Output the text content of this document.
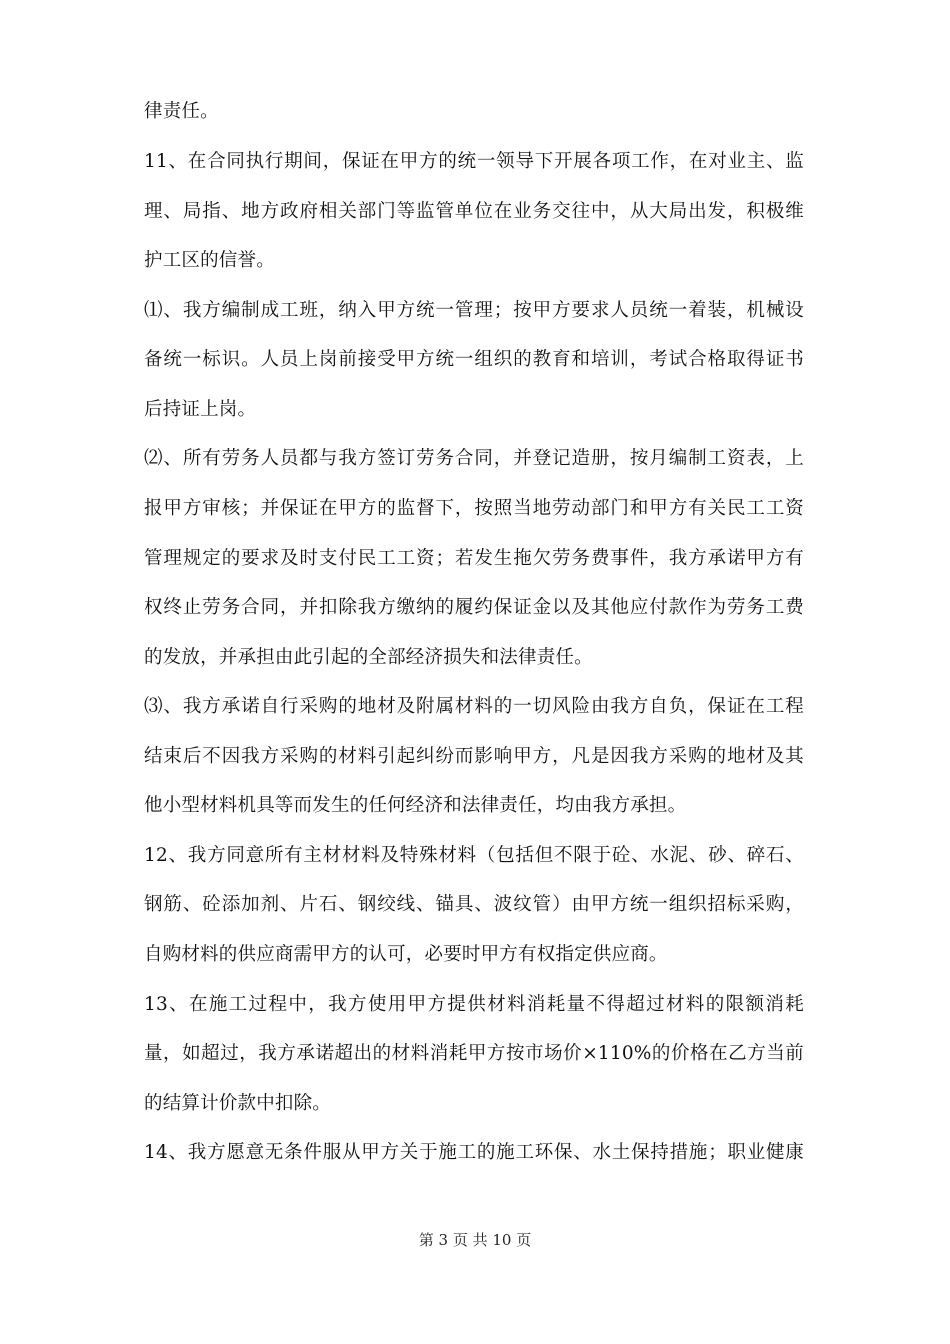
律责任。
11、在合同执行期间，保证在甲方的统一领导下开展各项工作，在对业主、监
理、局指、地方政府相关部门等监管单位在业务交往中，从大局出发，积极维
护工区的信誉。
⑴、我方编制成工班，纳入甲方统一管理；按甲方要求人员统一着装，机械设
备统一标识。人员上岗前接受甲方统一组织的教育和培训，考试合格取得证书
后持证上岗。
⑵、所有劳务人员都与我方签订劳务合同，并登记造册，按月编制工资表，上
报甲方审核；并保证在甲方的监督下，按照当地劳动部门和甲方有关民工工资
管理规定的要求及时支付民工工资；若发生拖欠劳务费事件，我方承诺甲方有
权终止劳务合同，并扣除我方缴纳的履约保证金以及其他应付款作为劳务工费
的发放，并承担由此引起的全部经济损失和法律责任。
⑶、我方承诺自行采购的地材及附属材料的一切风险由我方自负，保证在工程
结束后不因我方采购的材料引起纠纷而影响甲方，凡是因我方采购的地材及其
他小型材料机具等而发生的任何经济和法律责任，均由我方承担。
12、我方同意所有主材材料及特殊材料（包括但不限于砼、水泥、砂、碎石、
钢筋、砼添加剂、片石、钢绞线、锚具、波纹管）由甲方统一组织招标采购，
自购材料的供应商需甲方的认可，必要时甲方有权指定供应商。
13、在施工过程中，我方使用甲方提供材料消耗量不得超过材料的限额消耗
量，如超过，我方承诺超出的材料消耗甲方按市场价×110%的价格在乙方当前
的结算计价款中扣除。
14、我方愿意无条件服从甲方关于施工的施工环保、水土保持措施；职业健康
第 3 页 共 10 页
